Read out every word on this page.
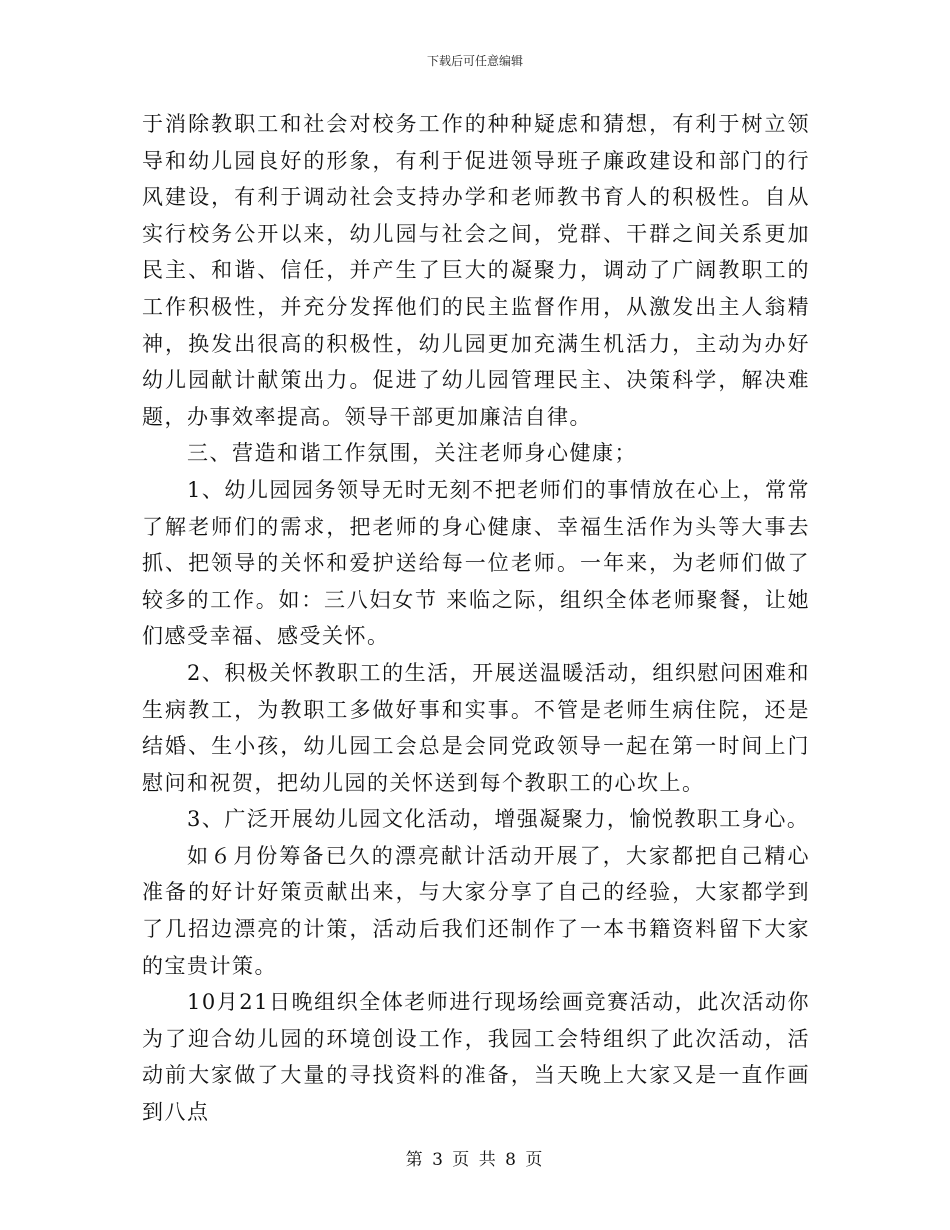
下载后可任意编辑

于消除教职工和社会对校务工作的种种疑虑和猜想，有利于树立领导和幼儿园良好的形象，有利于促进领导班子廉政建设和部门的行风建设，有利于调动社会支持办学和老师教书育人的积极性。自从实行校务公开以来，幼儿园与社会之间，党群、干群之间关系更加民主、和谐、信任，并产生了巨大的凝聚力，调动了广阔教职工的工作积极性，并充分发挥他们的民主监督作用，从激发出主人翁精神，换发出很高的积极性，幼儿园更加充满生机活力，主动为办好幼儿园献计献策出力。促进了幼儿园管理民主、决策科学，解决难题，办事效率提高。领导干部更加廉洁自律。

三、营造和谐工作氛围，关注老师身心健康；

1、幼儿园园务领导无时无刻不把老师们的事情放在心上，常常了解老师们的需求，把老师的身心健康、幸福生活作为头等大事去抓、把领导的关怀和爱护送给每一位老师。一年来，为老师们做了较多的工作。如：三八妇女节 来临之际，组织全体老师聚餐，让她们感受幸福、感受关怀。

2、积极关怀教职工的生活，开展送温暖活动，组织慰问困难和生病教工，为教职工多做好事和实事。不管是老师生病住院，还是结婚、生小孩，幼儿园工会总是会同党政领导一起在第一时间上门慰问和祝贺，把幼儿园的关怀送到每个教职工的心坎上。

3、广泛开展幼儿园文化活动，增强凝聚力，愉悦教职工身心。

如６月份筹备已久的漂亮献计活动开展了，大家都把自己精心准备的好计好策贡献出来，与大家分享了自己的经验，大家都学到了几招边漂亮的计策，活动后我们还制作了一本书籍资料留下大家的宝贵计策。

10月21日晚组织全体老师进行现场绘画竞赛活动，此次活动你为了迎合幼儿园的环境创设工作，我园工会特组织了此次活动，活动前大家做了大量的寻找资料的准备，当天晚上大家又是一直作画到八点

第 3 页 共 8 页
